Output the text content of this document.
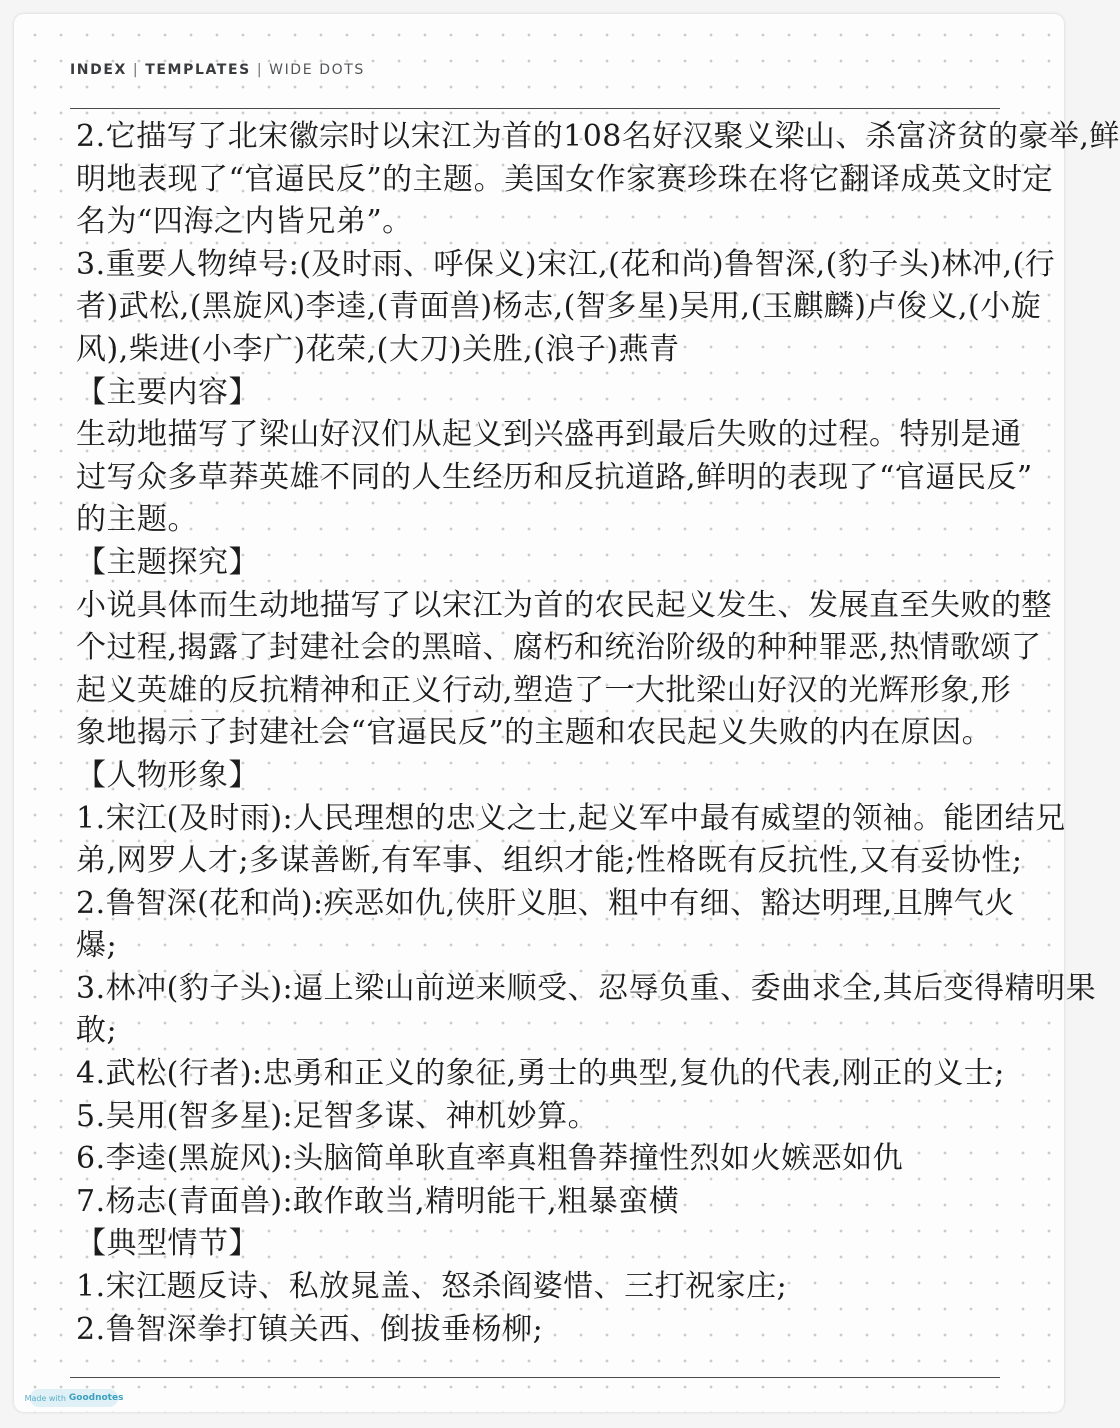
INDEX | TEMPLATES | WIDE DOTS
2.它描写了北宋徽宗时以宋江为首的108名好汉聚义梁山、杀富济贫的豪举,鲜
明地表现了“官逼民反”的主题。美国女作家赛珍珠在将它翻译成英文时定
名为“四海之内皆兄弟”。
3.重要人物绰号:(及时雨、呼保义)宋江,(花和尚)鲁智深,(豹子头)林冲,(行
者)武松,(黑旋风)李逵,(青面兽)杨志,(智多星)吴用,(玉麒麟)卢俊义,(小旋
风),柴进(小李广)花荣,(大刀)关胜,(浪子)燕青
【主要内容】
生动地描写了梁山好汉们从起义到兴盛再到最后失败的过程。特别是通
过写众多草莽英雄不同的人生经历和反抗道路,鲜明的表现了“官逼民反”
的主题。
【主题探究】
小说具体而生动地描写了以宋江为首的农民起义发生、发展直至失败的整
个过程,揭露了封建社会的黑暗、腐朽和统治阶级的种种罪恶,热情歌颂了
起义英雄的反抗精神和正义行动,塑造了一大批梁山好汉的光辉形象,形
象地揭示了封建社会“官逼民反”的主题和农民起义失败的内在原因。
【人物形象】
1.宋江(及时雨):人民理想的忠义之士,起义军中最有威望的领袖。能团结兄
弟,网罗人才;多谋善断,有军事、组织才能;性格既有反抗性,又有妥协性;
2.鲁智深(花和尚):疾恶如仇,侠肝义胆、粗中有细、豁达明理,且脾气火
爆;
3.林冲(豹子头):逼上梁山前逆来顺受、忍辱负重、委曲求全,其后变得精明果
敢;
4.武松(行者):忠勇和正义的象征,勇士的典型,复仇的代表,刚正的义士;
5.吴用(智多星):足智多谋、神机妙算。
6.李逵(黑旋风):头脑简单耿直率真粗鲁莽撞性烈如火嫉恶如仇
7.杨志(青面兽):敢作敢当,精明能干,粗暴蛮横
【典型情节】
1.宋江题反诗、私放晁盖、怒杀阎婆惜、三打祝家庄;
2.鲁智深拳打镇关西、倒拔垂杨柳;
Made with Goodnotes
